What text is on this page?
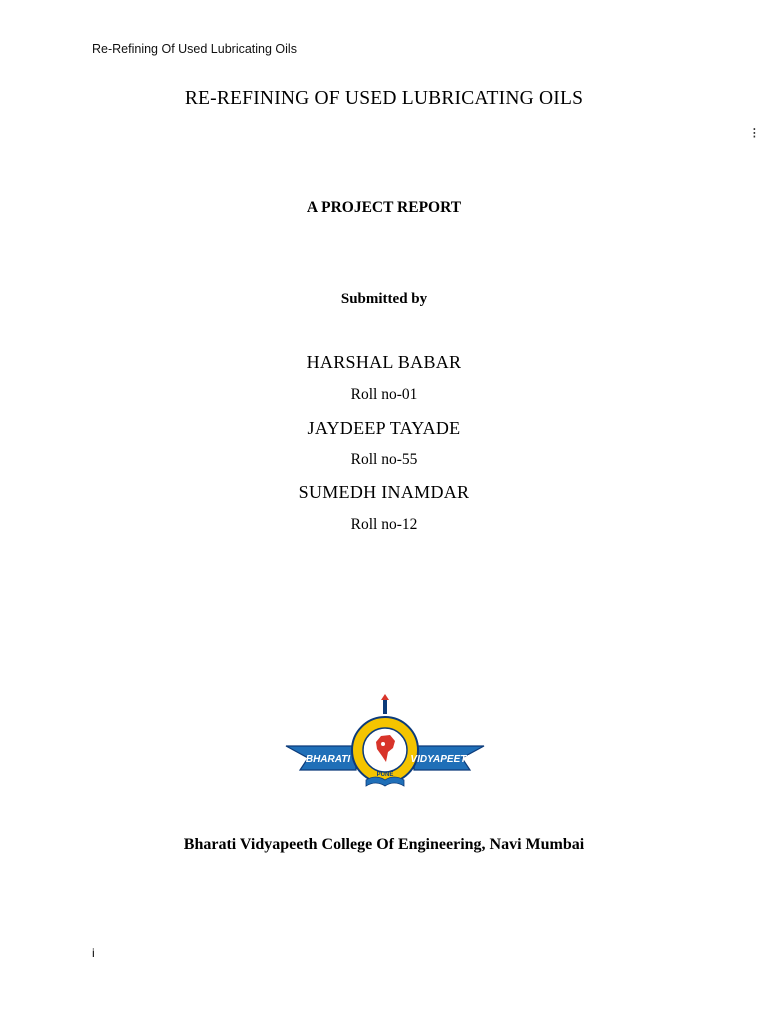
Re-Refining Of Used Lubricating Oils
⁝
RE-REFINING OF USED LUBRICATING OILS
A PROJECT REPORT
Submitted by
HARSHAL BABAR
Roll no-01
JAYDEEP TAYADE
Roll no-55
SUMEDH INAMDAR
Roll no-12
BHARATI	VIDYAPEETH
PUNE
Bharati Vidyapeeth College Of Engineering, Navi Mumbai
i
